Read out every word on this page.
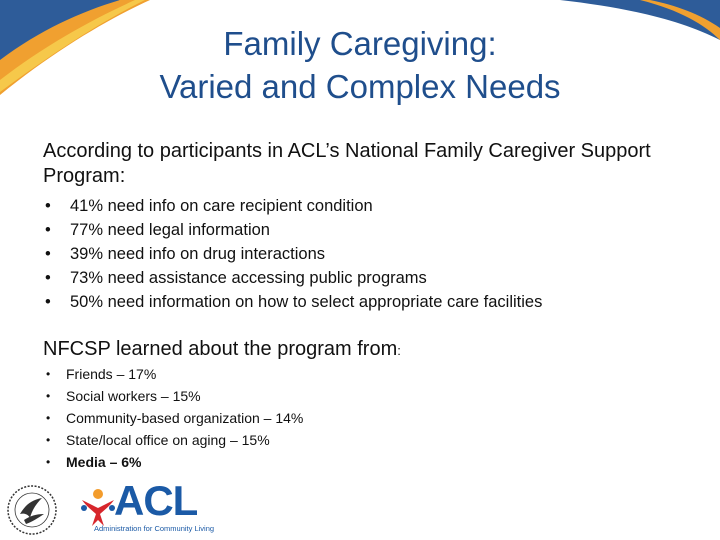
Family Caregiving:
Varied and Complex Needs
According to participants in ACL’s National Family Caregiver Support Program:
• 41% need info on care recipient condition
• 77% need legal information
• 39% need info on drug interactions
• 73% need assistance accessing public programs
• 50% need information on how to select appropriate care facilities
NFCSP learned about the program from:
• Friends – 17%
• Social workers – 15%
• Community-based organization – 14%
• State/local office on aging – 15%
• Media – 6%
ACL
Administration for Community Living
